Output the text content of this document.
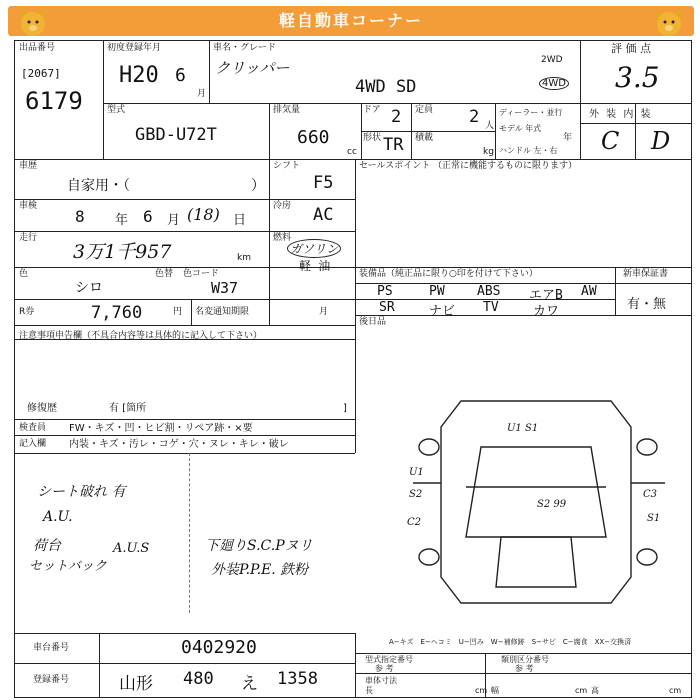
軽自動車コーナー
出品番号
[2067]
6179
初度登録年月
H20 6
月
車名・グレード
クリッパー
4WD SD
2WD
4WD
評 価 点
3.5
型式
GBD-U72T
排気量
660
cc
ドア 2 定員 2 人
形状 TR 積載
kg
ディーラー・並行
モデル 年式
年
ハンドル 左・右
外 装 内 装
C D
車歴
自家用・（	）
シフト
F5
車検
8 年 6 月 (18) 日
冷房 AC
走行
3万1千957	km
燃料
ガソリン
軽 油
色
シロ
色替 色コード
W37
R券	7,760	円 名変通知期限	月
セールスポイント （正常に機能するものに限ります）
装備品（純正品に限り○印を付けて下さい）	新車保証書
有・無
PS	PW ABS エアB AW
SR	ナビ TV	カワ
後日品
注意事項申告欄（不具合内容等は具体的に記入して下さい）
修復歴	有 [箇所	]
検査員 FW・キズ・凹・ヒビ割・リペア跡・×要
記入欄 内装・キズ・汚レ・コゲ・穴・ヌレ・キレ・破レ
シート破れ 有
A.U.
荷台
セットバック
A.U.S	下廻りS.C.Pヌリ
外装P.P.E. 鉄粉
U1 S1
U1
S2
C2
S2 99
C3
S1
A−キズ　E−ヘコミ　U−凹み　W−補修跡　S−サビ　C−腐食　XX−交換済
車台番号	0402920
登録番号	山形 480 え 1358
型式指定番号
参 考
類別区分番号
参 考
車体寸法
長	cm 幅	cm 高	cm
